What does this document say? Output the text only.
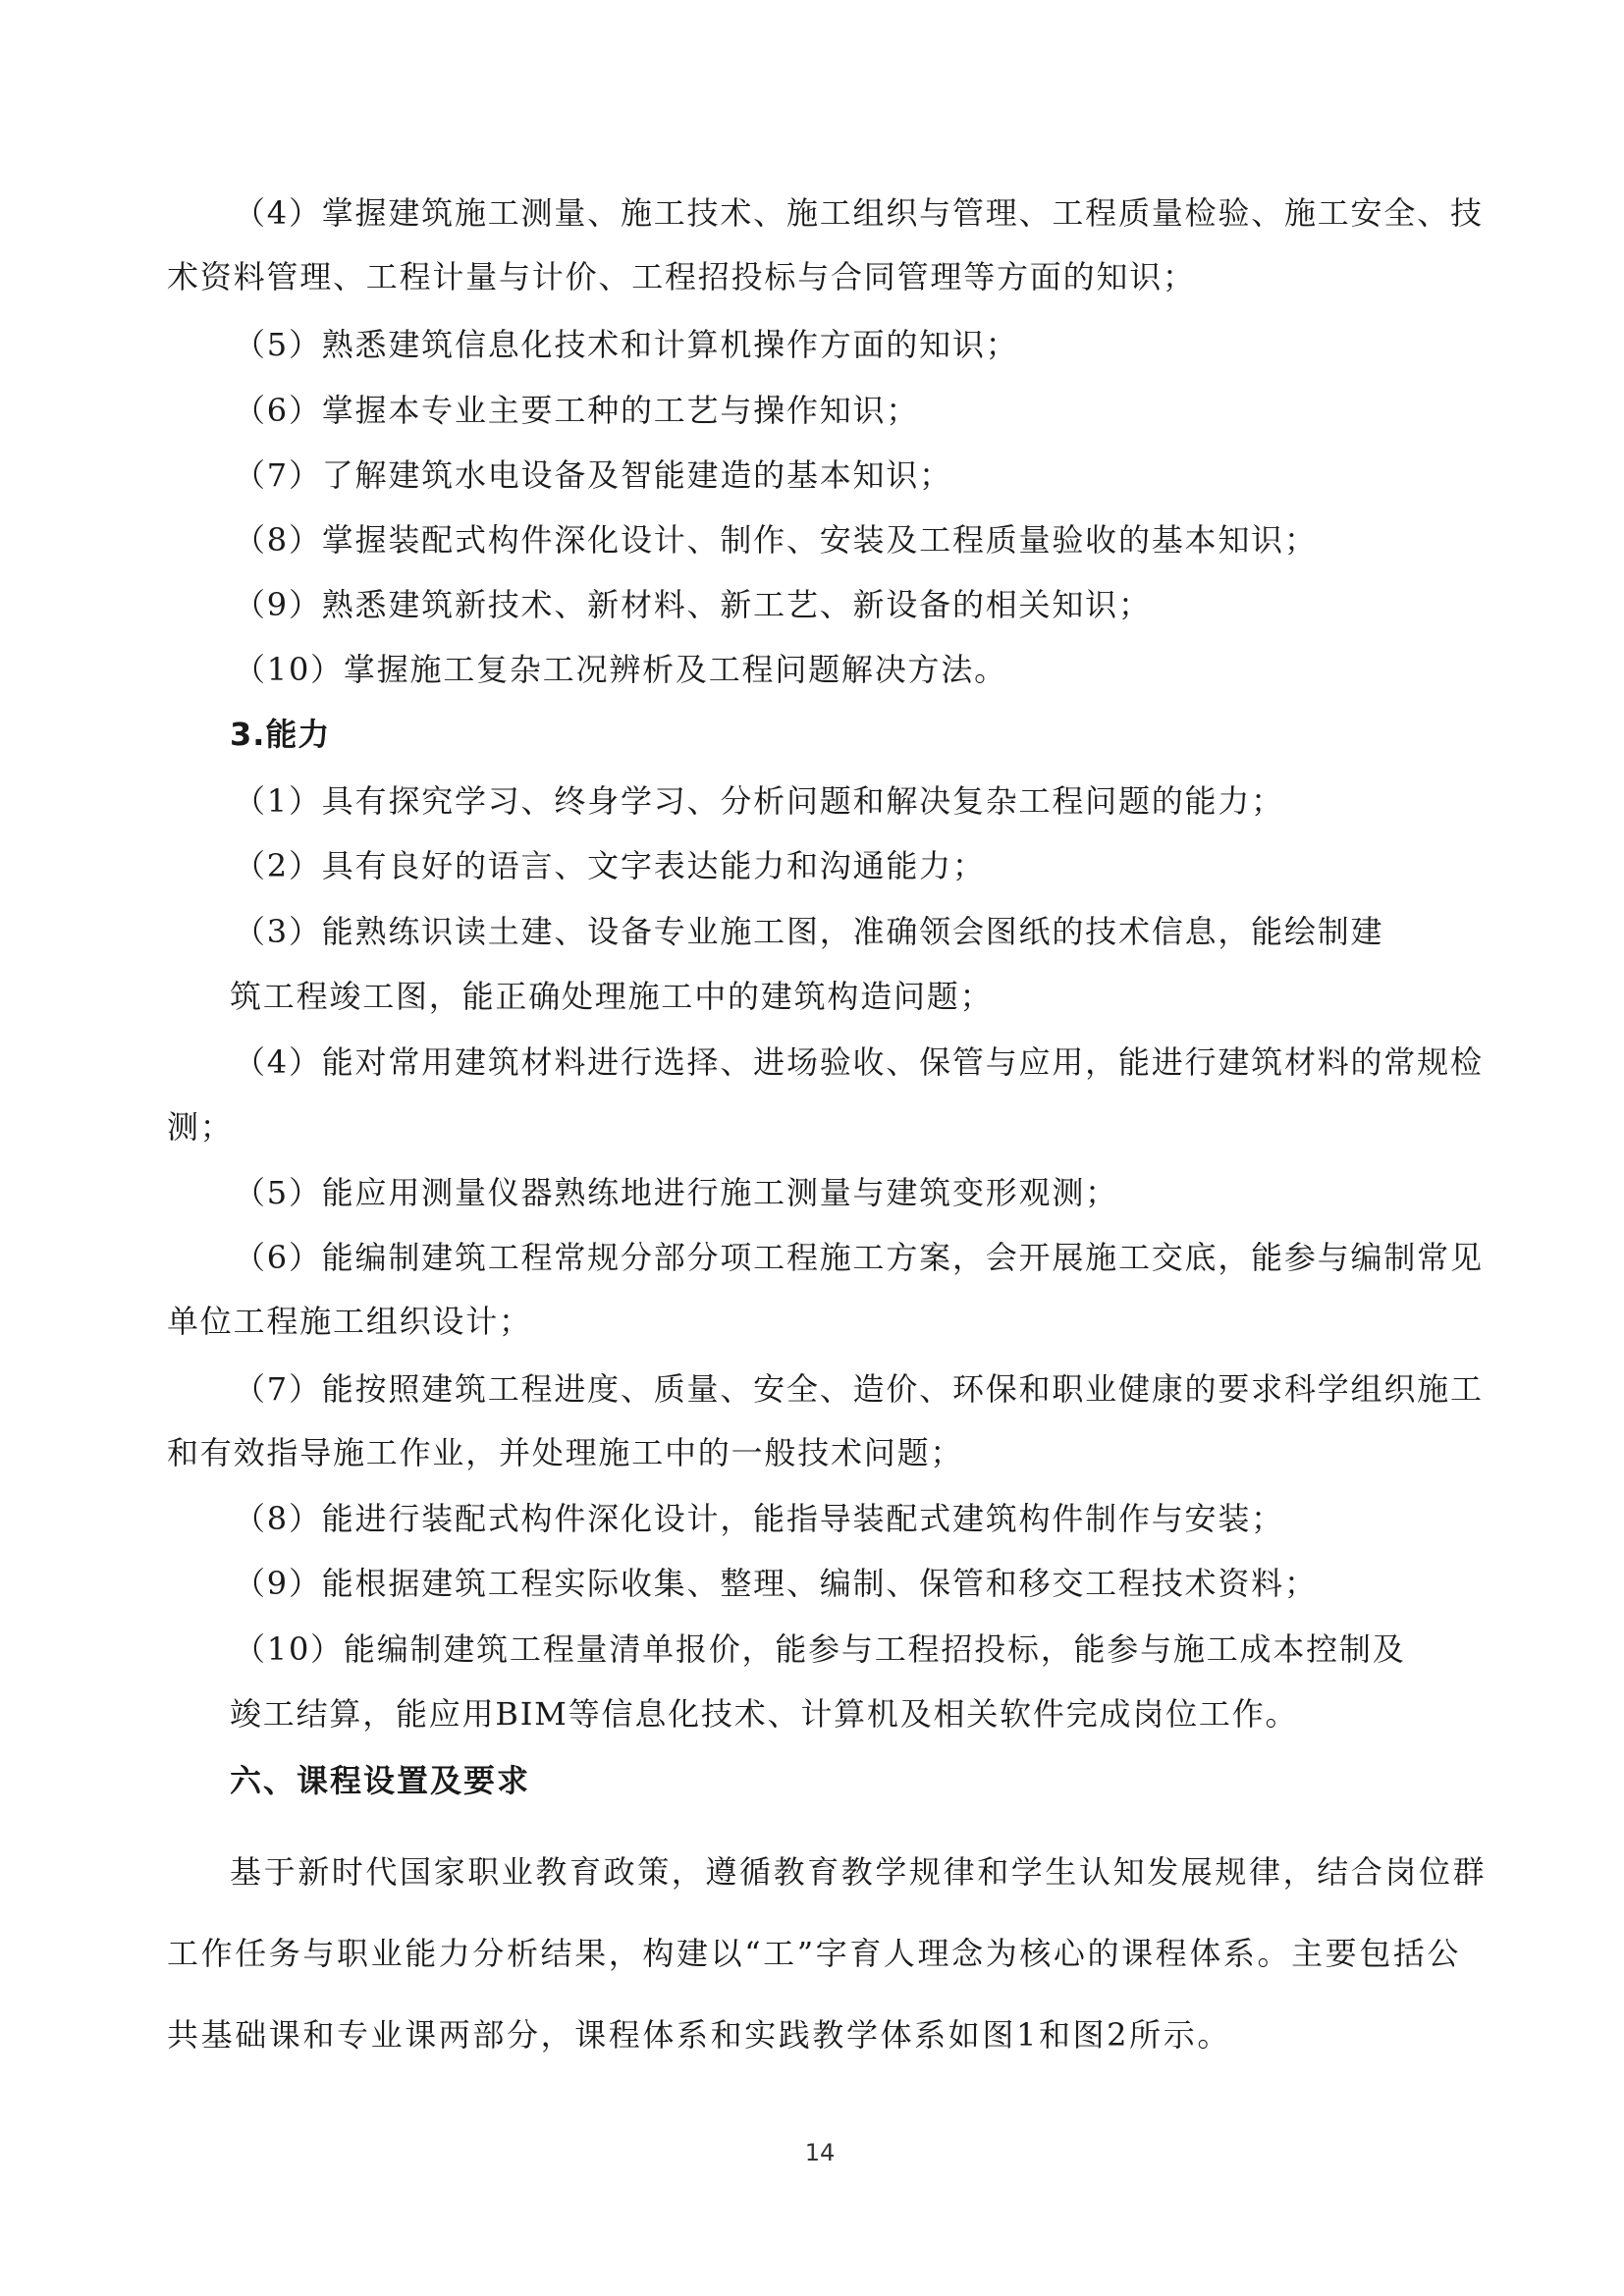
（4）掌握建筑施工测量、施工技术、施工组织与管理、工程质量检验、施工安全、技
术资料管理、工程计量与计价、工程招投标与合同管理等方面的知识；
（5）熟悉建筑信息化技术和计算机操作方面的知识；
（6）掌握本专业主要工种的工艺与操作知识；
（7）了解建筑水电设备及智能建造的基本知识；
（8）掌握装配式构件深化设计、制作、安装及工程质量验收的基本知识；
（9）熟悉建筑新技术、新材料、新工艺、新设备的相关知识；
（10）掌握施工复杂工况辨析及工程问题解决方法。
3.能力
（1）具有探究学习、终身学习、分析问题和解决复杂工程问题的能力；
（2）具有良好的语言、文字表达能力和沟通能力；
（3）能熟练识读土建、设备专业施工图，准确领会图纸的技术信息，能绘制建
筑工程竣工图，能正确处理施工中的建筑构造问题；
（4）能对常用建筑材料进行选择、进场验收、保管与应用，能进行建筑材料的常规检
测；
（5）能应用测量仪器熟练地进行施工测量与建筑变形观测；
（6）能编制建筑工程常规分部分项工程施工方案，会开展施工交底，能参与编制常见
单位工程施工组织设计；
（7）能按照建筑工程进度、质量、安全、造价、环保和职业健康的要求科学组织施工
和有效指导施工作业，并处理施工中的一般技术问题；
（8）能进行装配式构件深化设计，能指导装配式建筑构件制作与安装；
（9）能根据建筑工程实际收集、整理、编制、保管和移交工程技术资料；
（10）能编制建筑工程量清单报价，能参与工程招投标，能参与施工成本控制及
竣工结算，能应用BIM等信息化技术、计算机及相关软件完成岗位工作。
六、课程设置及要求
基于新时代国家职业教育政策，遵循教育教学规律和学生认知发展规律，结合岗位群
工作任务与职业能力分析结果，构建以“工”字育人理念为核心的课程体系。主要包括公
共基础课和专业课两部分，课程体系和实践教学体系如图1和图2所示。
14
